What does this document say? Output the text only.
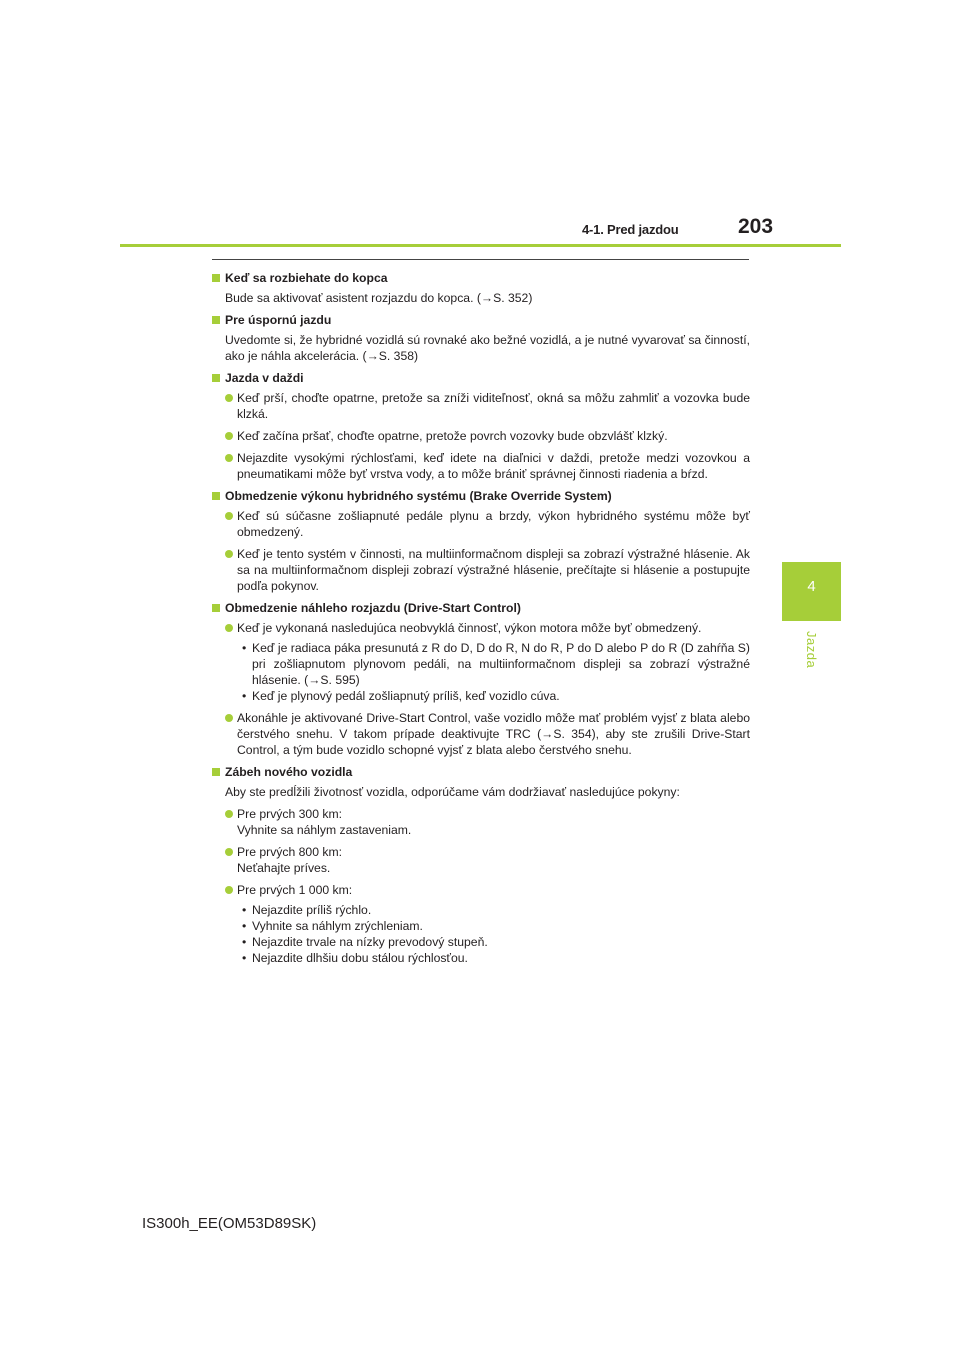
4-1. Pred jazdou	203
4
Jazda
Keď sa rozbiehate do kopca
Bude sa aktivovať asistent rozjazdu do kopca. (→S. 352)
Pre úspornú jazdu
Uvedomte si, že hybridné vozidlá sú rovnaké ako bežné vozidlá, a je nutné vyvarovať sa činností, ako je náhla akcelerácia. (→S. 358)
Jazda v daždi
Keď prší, choďte opatrne, pretože sa zníži viditeľnosť, okná sa môžu zahmliť a vozovka bude klzká.
Keď začína pršať, choďte opatrne, pretože povrch vozovky bude obzvlášť klzký.
Nejazdite vysokými rýchlosťami, keď idete na diaľnici v daždi, pretože medzi vozovkou a pneumatikami môže byť vrstva vody, a to môže brániť správnej činnosti riadenia a bŕzd.
Obmedzenie výkonu hybridného systému (Brake Override System)
Keď sú súčasne zošliapnuté pedále plynu a brzdy, výkon hybridného systému môže byť obmedzený.
Keď je tento systém v činnosti, na multiinformačnom displeji sa zobrazí výstražné hlásenie. Ak sa na multiinformačnom displeji zobrazí výstražné hlásenie, prečítajte si hlásenie a postupujte podľa pokynov.
Obmedzenie náhleho rozjazdu (Drive-Start Control)
Keď je vykonaná nasledujúca neobvyklá činnosť, výkon motora môže byť obmedzený.
• Keď je radiaca páka presunutá z R do D, D do R, N do R, P do D alebo P do R (D zahŕňa S) pri zošliapnutom plynovom pedáli, na multiinformačnom displeji sa zobrazí výstražné hlásenie. (→S. 595)
• Keď je plynový pedál zošliapnutý príliš, keď vozidlo cúva.
Akonáhle je aktivované Drive-Start Control, vaše vozidlo môže mať problém vyjsť z blata alebo čerstvého snehu. V takom prípade deaktivujte TRC (→S. 354), aby ste zrušili Drive-Start Control, a tým bude vozidlo schopné vyjsť z blata alebo čerstvého snehu.
Zábeh nového vozidla
Aby ste predĺžili životnosť vozidla, odporúčame vám dodržiavať nasledujúce pokyny:
Pre prvých 300 km:
Vyhnite sa náhlym zastaveniam.
Pre prvých 800 km:
Neťahajte príves.
Pre prvých 1 000 km:
• Nejazdite príliš rýchlo.
• Vyhnite sa náhlym zrýchleniam.
• Nejazdite trvale na nízky prevodový stupeň.
• Nejazdite dlhšiu dobu stálou rýchlosťou.
IS300h_EE(OM53D89SK)
